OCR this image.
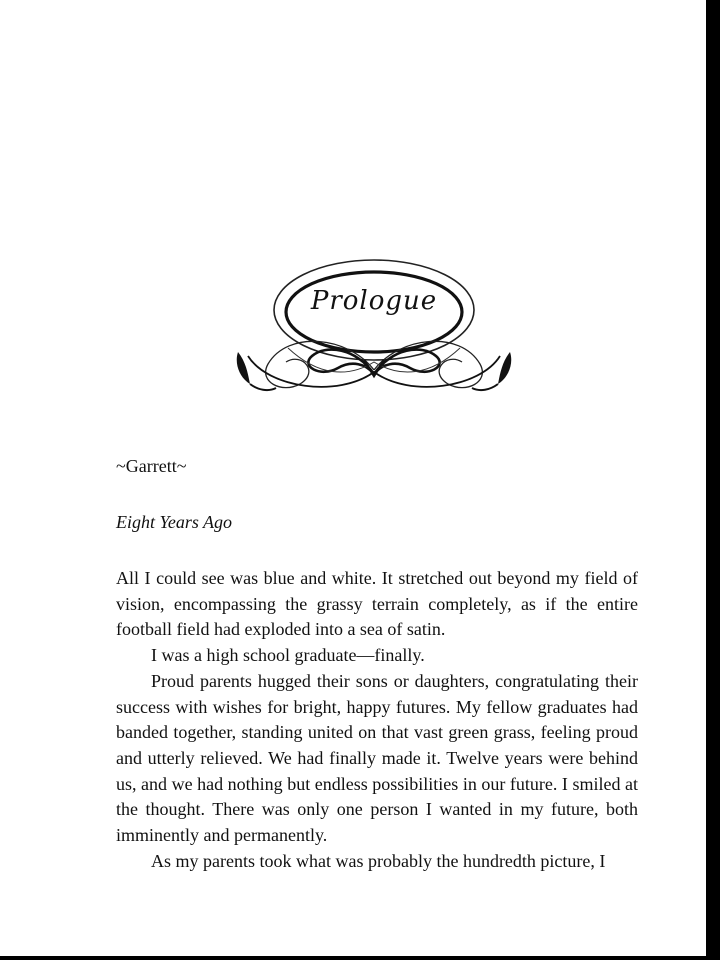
Prologue

~Garrett~

Eight Years Ago

All I could see was blue and white. It stretched out beyond my field of vision, encompassing the grassy terrain completely, as if the entire football field had exploded into a sea of satin.

I was a high school graduate—finally.

Proud parents hugged their sons or daughters, congratulating their success with wishes for bright, happy futures. My fellow graduates had banded together, standing united on that vast green grass, feeling proud and utterly relieved. We had finally made it. Twelve years were behind us, and we had nothing but endless possibilities in our future. I smiled at the thought. There was only one person I wanted in my future, both imminently and permanently.

As my parents took what was probably the hundredth picture, I
